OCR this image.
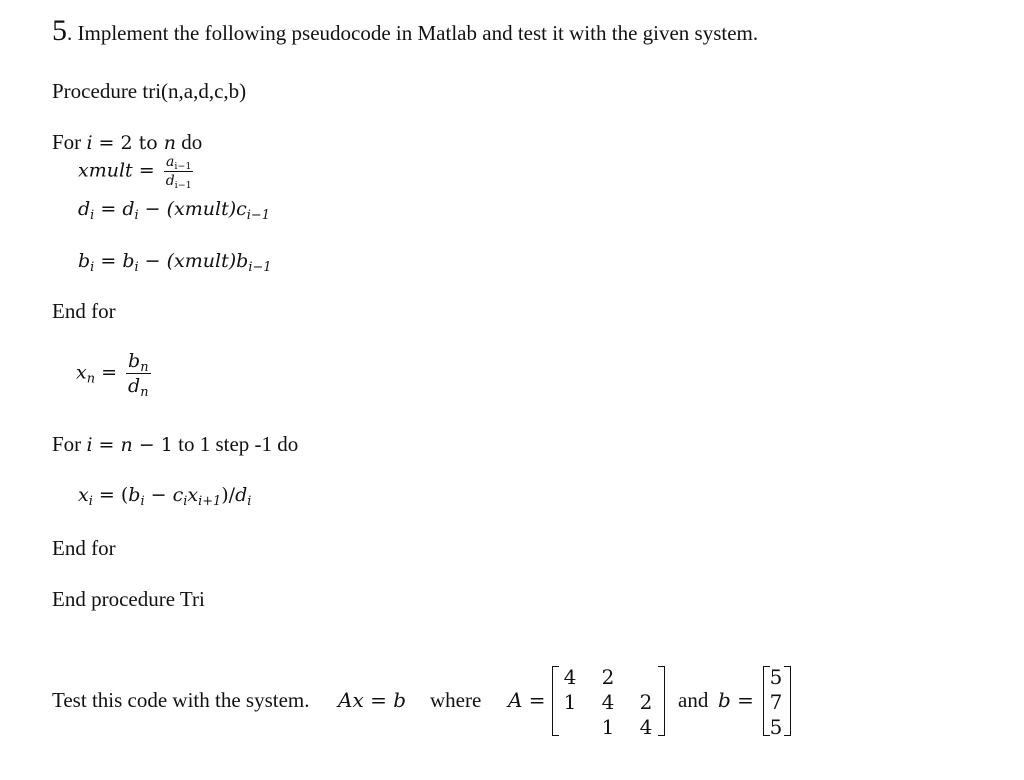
5. Implement the following pseudocode in Matlab and test it with the given system.
Procedure tri(n,a,d,c,b)
For i = 2 to n do
xmult = $\frac{a_{i-1}}{d_{i-1}}$
$d_i = d_i$ − $(xmult)c_{i-1}$
$b_i = b_i$ − $(xmult)b_{i-1}$
End for
$x_n = \frac{b_n}{d_n}$
For i = n − 1 to 1 step -1 do
$x_i = (b_i - c_ix_{i+1})/d_i$
End for
End procedure Tri
Test this code with the system. Ax = b where A =
4 2
1 4 2
1 4
and b =
5
7
5
